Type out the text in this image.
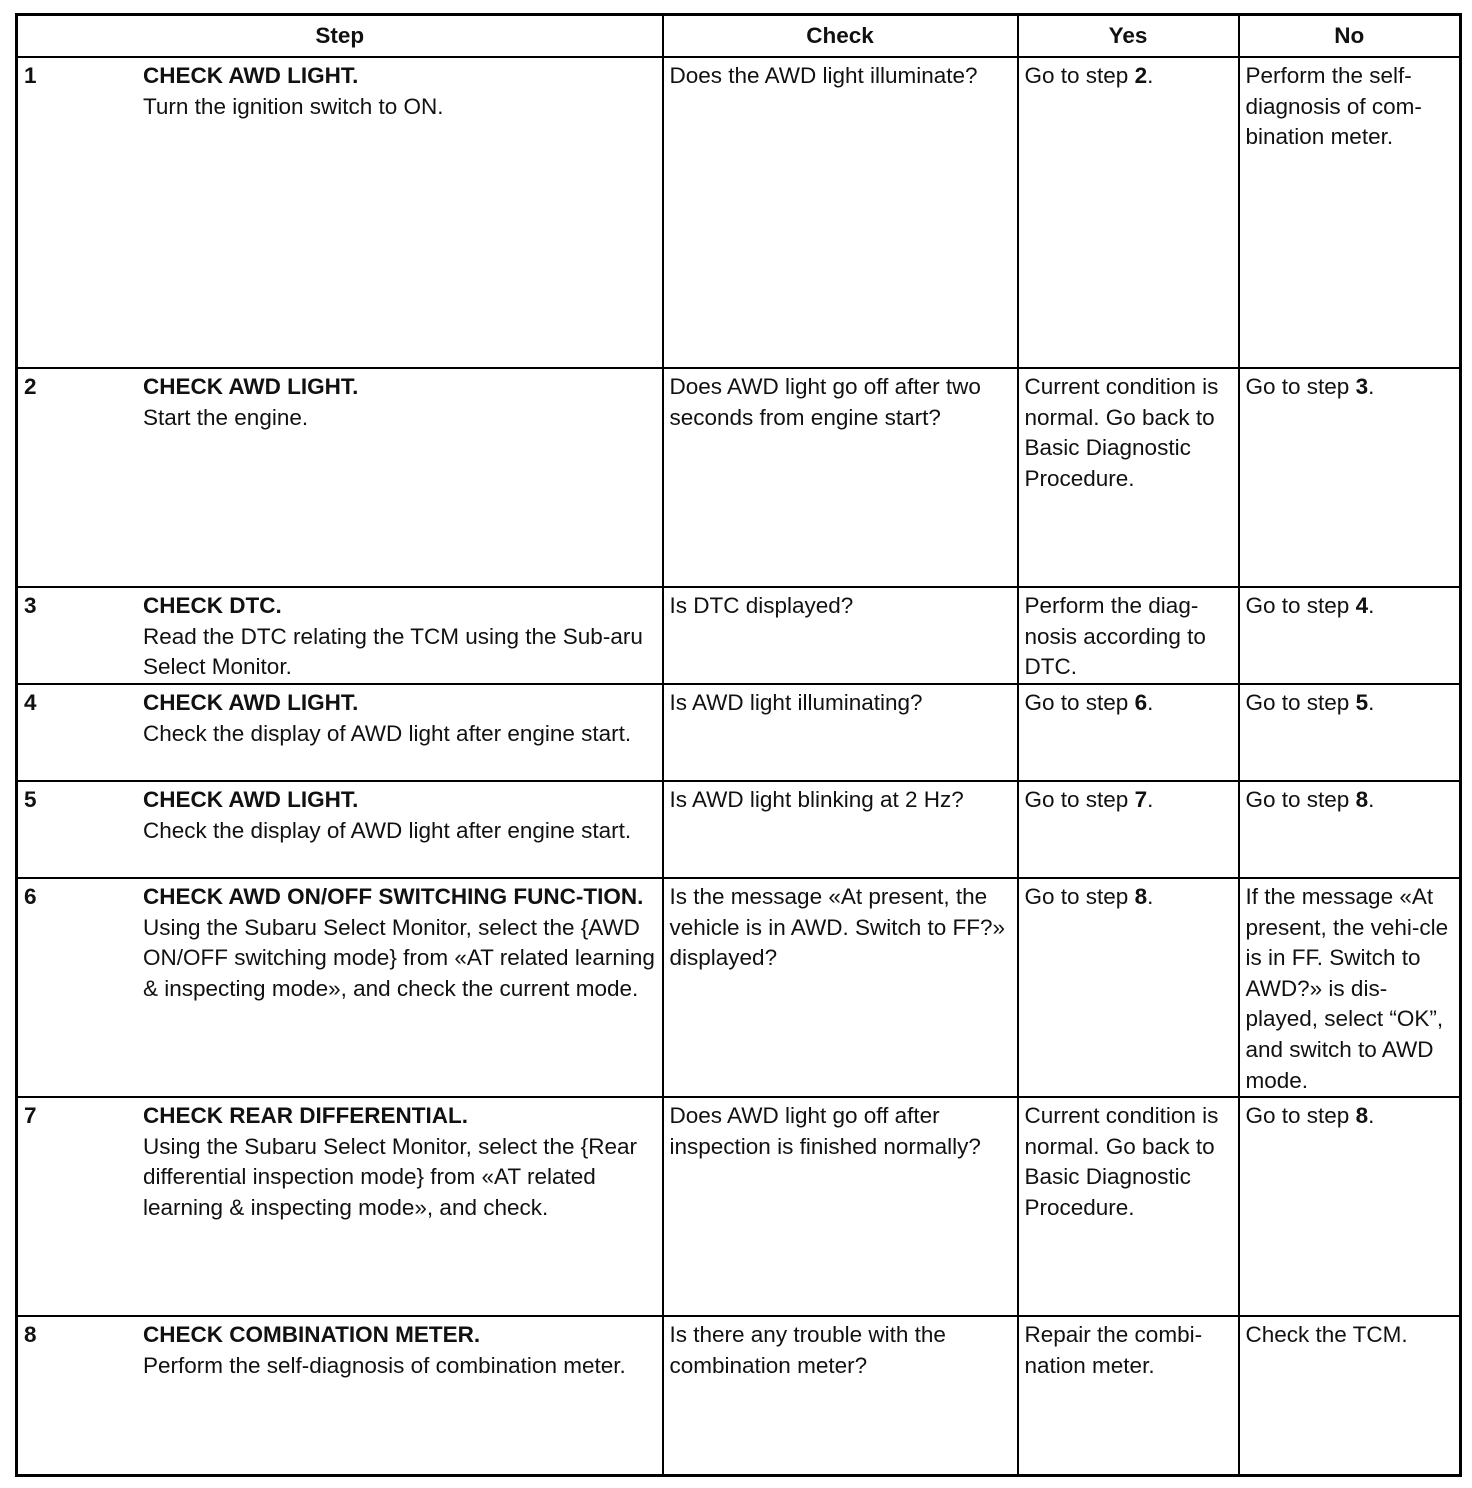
Step	Check	Yes	No

1 CHECK AWD LIGHT.
Turn the ignition switch to ON.	Does the AWD light illuminate?	Go to step 2.	Perform the self-diagnosis of com-bination meter.

2 CHECK AWD LIGHT.
Start the engine.	Does AWD light go off after two seconds from engine start?	Current condition is normal. Go back to Basic Diagnostic Procedure.	Go to step 3.

3 CHECK DTC.
Read the DTC relating the TCM using the Sub-aru Select Monitor.	Is DTC displayed?	Perform the diag-nosis according to DTC.	Go to step 4.

4 CHECK AWD LIGHT.
Check the display of AWD light after engine start.	Is AWD light illuminating?	Go to step 6.	Go to step 5.

5 CHECK AWD LIGHT.
Check the display of AWD light after engine start.	Is AWD light blinking at 2 Hz?	Go to step 7.	Go to step 8.

6 CHECK AWD ON/OFF SWITCHING FUNC-TION.
Using the Subaru Select Monitor, select the {AWD ON/OFF switching mode} from «AT related learning & inspecting mode», and check the current mode.	Is the message «At present, the vehicle is in AWD. Switch to FF?» displayed?	Go to step 8.	If the message «At present, the vehi-cle is in FF. Switch to AWD?» is dis-played, select “OK”, and switch to AWD mode.

7 CHECK REAR DIFFERENTIAL.
Using the Subaru Select Monitor, select the {Rear differential inspection mode} from «AT related learning & inspecting mode», and check.	Does AWD light go off after inspection is finished normally?	Current condition is normal. Go back to Basic Diagnostic Procedure.	Go to step 8.

8 CHECK COMBINATION METER.
Perform the self-diagnosis of combination meter.	Is there any trouble with the combination meter?	Repair the combi-nation meter.	Check the TCM.
